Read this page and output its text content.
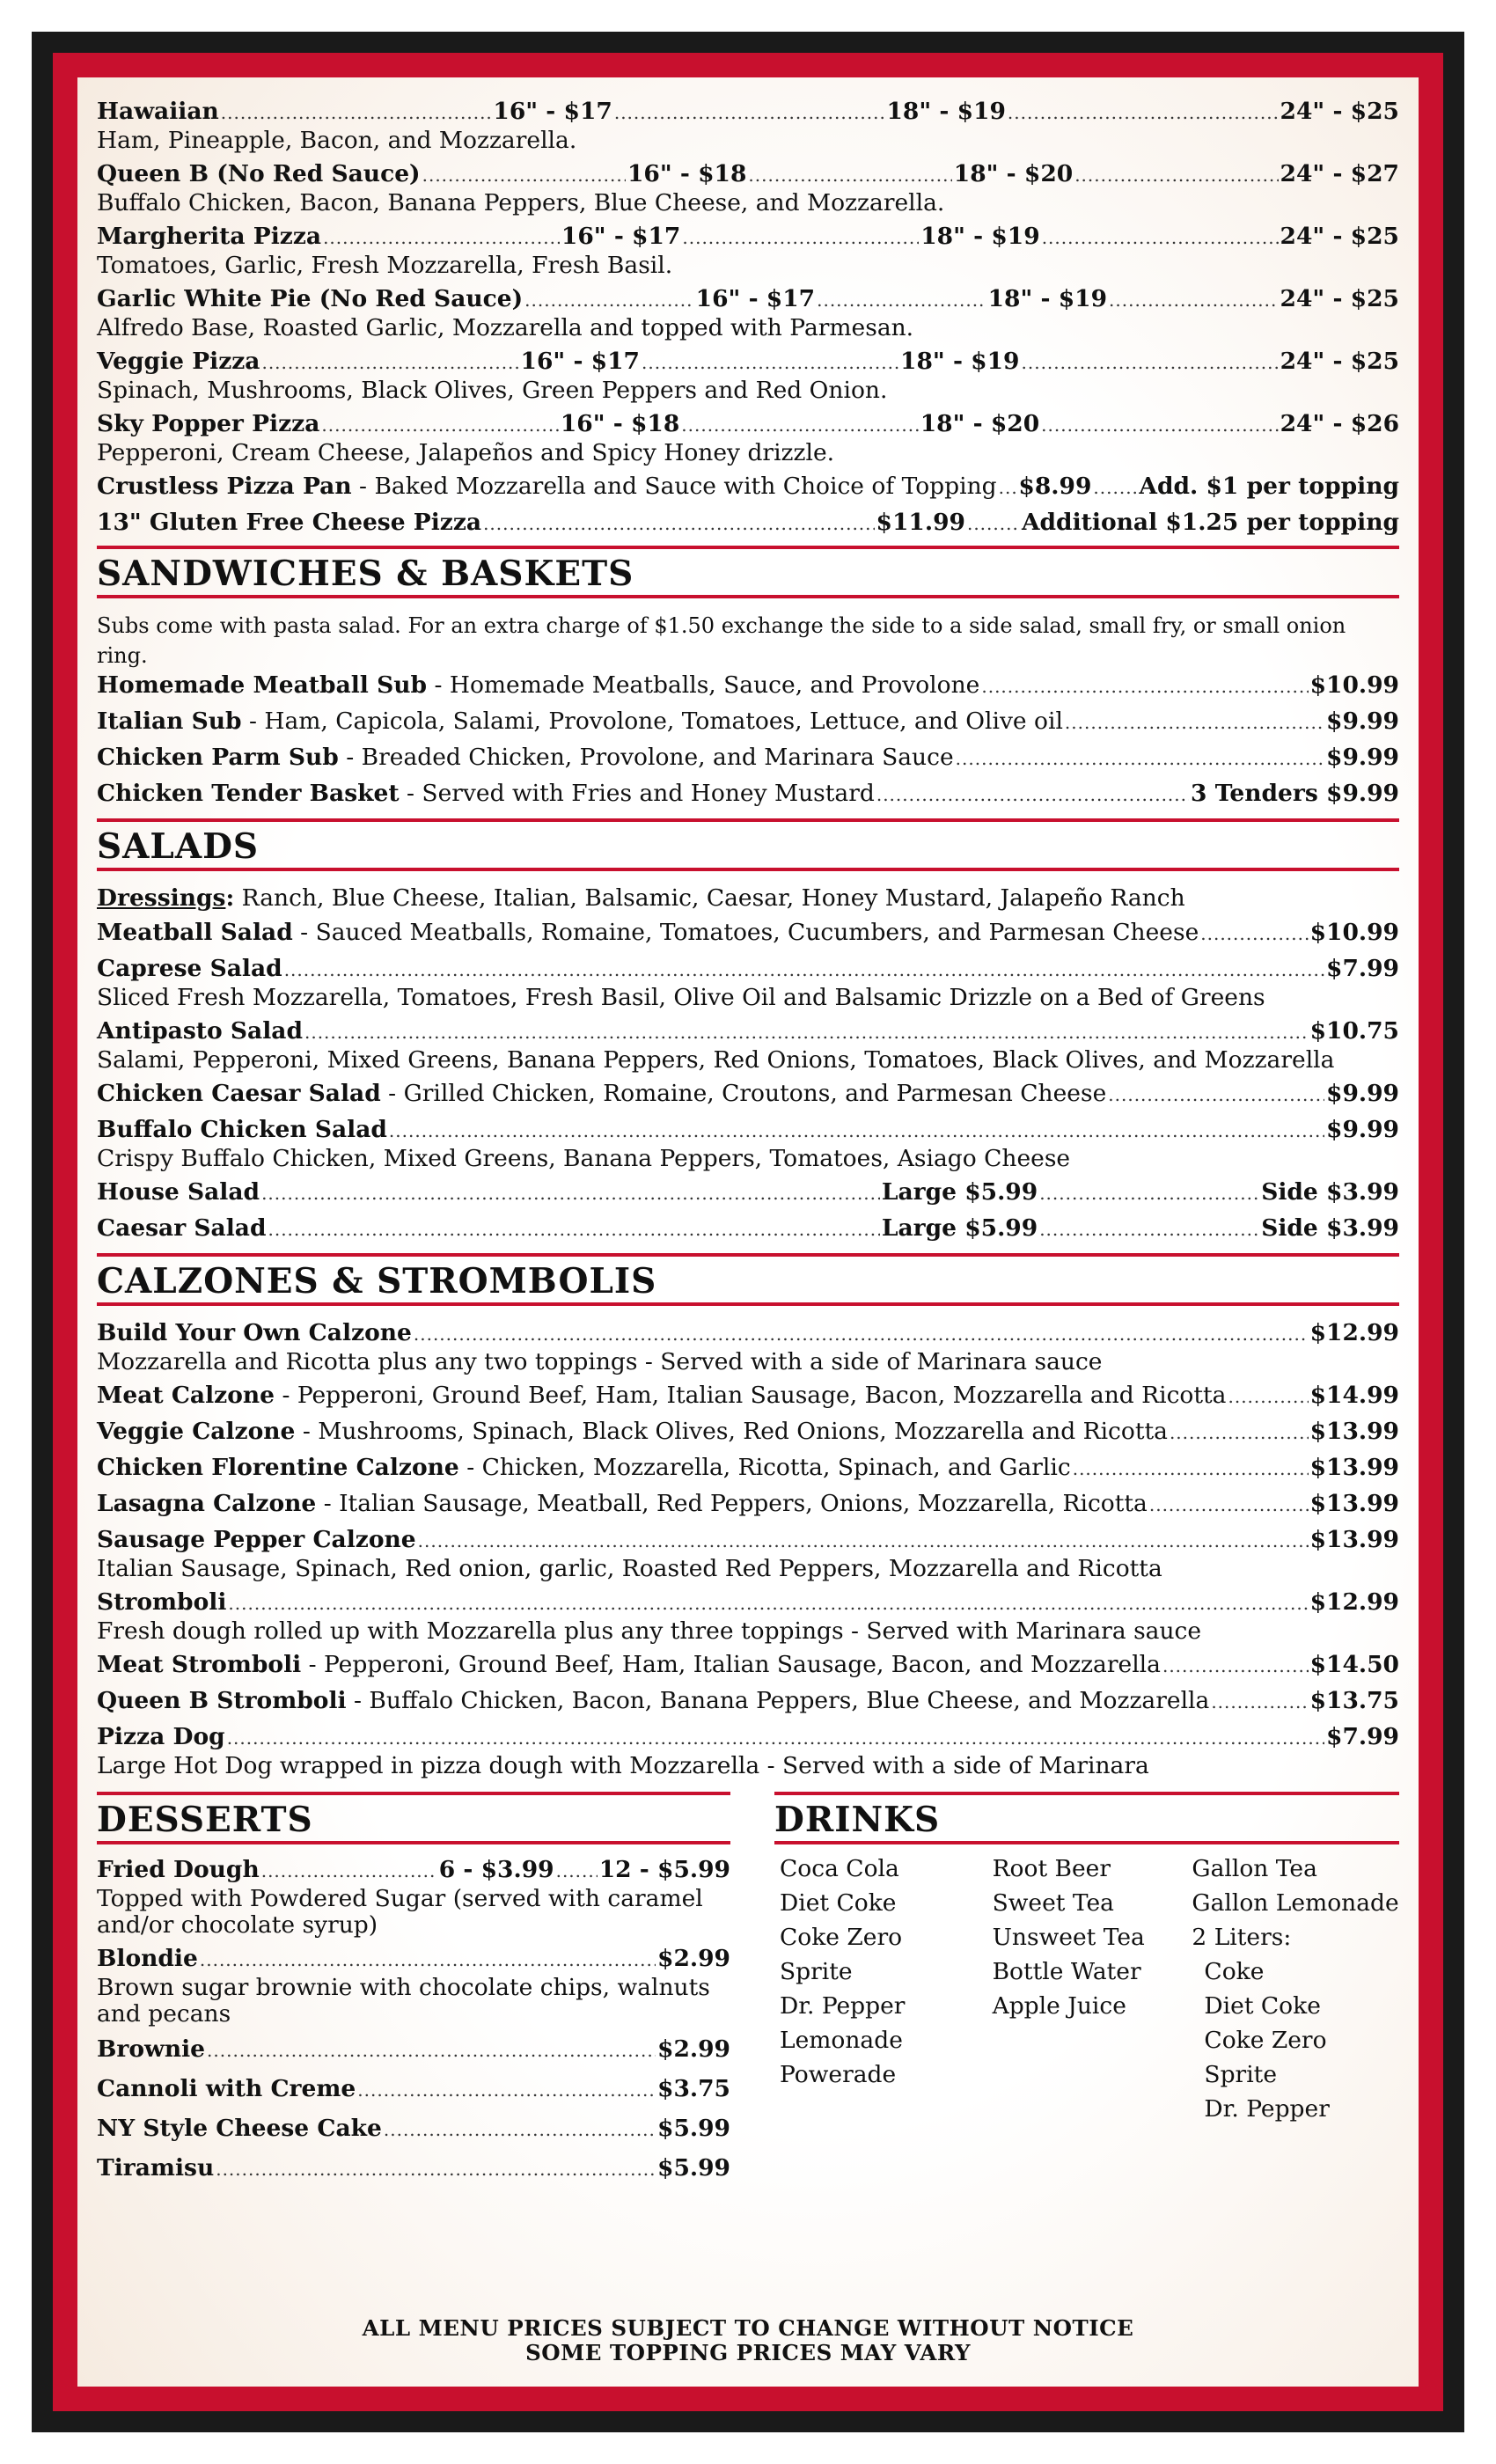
Hawaiian .....	16" - $17 .....	18" - $19 .....	24" - $25
Ham, Pineapple, Bacon, and Mozzarella.
Queen B (No Red Sauce) .....	16" - $18 .....	18" - $20 .....	24" - $27
Buffalo Chicken, Bacon, Banana Peppers, Blue Cheese, and Mozzarella.
Margherita Pizza .....	16" - $17 .....	18" - $19 .....	24" - $25
Tomatoes, Garlic, Fresh Mozzarella, Fresh Basil.
Garlic White Pie (No Red Sauce) .....	16" - $17 .....	18" - $19 .....	24" - $25
Alfredo Base, Roasted Garlic, Mozzarella and topped with Parmesan.
Veggie Pizza .....	16" - $17 .....	18" - $19 .....	24" - $25
Spinach, Mushrooms, Black Olives, Green Peppers and Red Onion.
Sky Popper Pizza .....	16" - $18 .....	18" - $20 .....	24" - $26
Pepperoni, Cream Cheese, Jalapeños and Spicy Honey drizzle.
Crustless Pizza Pan - Baked Mozzarella and Sauce with Choice of Topping ..... $8.99 ..... Add. $1 per topping
13" Gluten Free Cheese Pizza .....	$11.99 ..... Additional $1.25 per topping
SANDWICHES & BASKETS
Subs come with pasta salad. For an extra charge of $1.50 exchange the side to a side salad, small fry, or small onion ring.
Homemade Meatball Sub - Homemade Meatballs, Sauce, and Provolone .....	$10.99
Italian Sub - Ham, Capicola, Salami, Provolone, Tomatoes, Lettuce, and Olive oil .....	$9.99
Chicken Parm Sub - Breaded Chicken, Provolone, and Marinara Sauce .....	$9.99
Chicken Tender Basket - Served with Fries and Honey Mustard .....	3 Tenders $9.99
SALADS
Dressings: Ranch, Blue Cheese, Italian, Balsamic, Caesar, Honey Mustard, Jalapeño Ranch
Meatball Salad - Sauced Meatballs, Romaine, Tomatoes, Cucumbers, and Parmesan Cheese .....	$10.99
Caprese Salad .....	$7.99
Sliced Fresh Mozzarella, Tomatoes, Fresh Basil, Olive Oil and Balsamic Drizzle on a Bed of Greens
Antipasto Salad .....	$10.75
Salami, Pepperoni, Mixed Greens, Banana Peppers, Red Onions, Tomatoes, Black Olives, and Mozzarella
Chicken Caesar Salad - Grilled Chicken, Romaine, Croutons, and Parmesan Cheese .....	$9.99
Buffalo Chicken Salad .....	$9.99
Crispy Buffalo Chicken, Mixed Greens, Banana Peppers, Tomatoes, Asiago Cheese
House Salad .....	Large $5.99 .....	Side $3.99
Caesar Salad .....	Large $5.99 .....	Side $3.99
CALZONES & STROMBOLIS
Build Your Own Calzone .....	$12.99
Mozzarella and Ricotta plus any two toppings - Served with a side of Marinara sauce
Meat Calzone - Pepperoni, Ground Beef, Ham, Italian Sausage, Bacon, Mozzarella and Ricotta .....	$14.99
Veggie Calzone - Mushrooms, Spinach, Black Olives, Red Onions, Mozzarella and Ricotta .....	$13.99
Chicken Florentine Calzone - Chicken, Mozzarella, Ricotta, Spinach, and Garlic .....	$13.99
Lasagna Calzone - Italian Sausage, Meatball, Red Peppers, Onions, Mozzarella, Ricotta .....	$13.99
Sausage Pepper Calzone .....	$13.99
Italian Sausage, Spinach, Red onion, garlic, Roasted Red Peppers, Mozzarella and Ricotta
Stromboli .....	$12.99
Fresh dough rolled up with Mozzarella plus any three toppings - Served with Marinara sauce
Meat Stromboli - Pepperoni, Ground Beef, Ham, Italian Sausage, Bacon, and Mozzarella .....	$14.50
Queen B Stromboli - Buffalo Chicken, Bacon, Banana Peppers, Blue Cheese, and Mozzarella .....	$13.75
Pizza Dog .....	$7.99
Large Hot Dog wrapped in pizza dough with Mozzarella - Served with a side of Marinara
DESSERTS
Fried Dough .....	6 - $3.99 ..... 12 - $5.99
Topped with Powdered Sugar (served with caramel and/or chocolate syrup)
Blondie .....	$2.99
Brown sugar brownie with chocolate chips, walnuts and pecans
Brownie .....	$2.99
Cannoli with Creme .....	$3.75
NY Style Cheese Cake .....	$5.99
Tiramisu .....	$5.99
DRINKS
Coca Cola
Diet Coke
Coke Zero
Sprite
Dr. Pepper
Lemonade
Powerade
Root Beer
Sweet Tea
Unsweet Tea
Bottle Water
Apple Juice
Gallon Tea
Gallon Lemonade
2 Liters:
Coke
Diet Coke
Coke Zero
Sprite
Dr. Pepper
ALL MENU PRICES SUBJECT TO CHANGE WITHOUT NOTICE
SOME TOPPING PRICES MAY VARY
